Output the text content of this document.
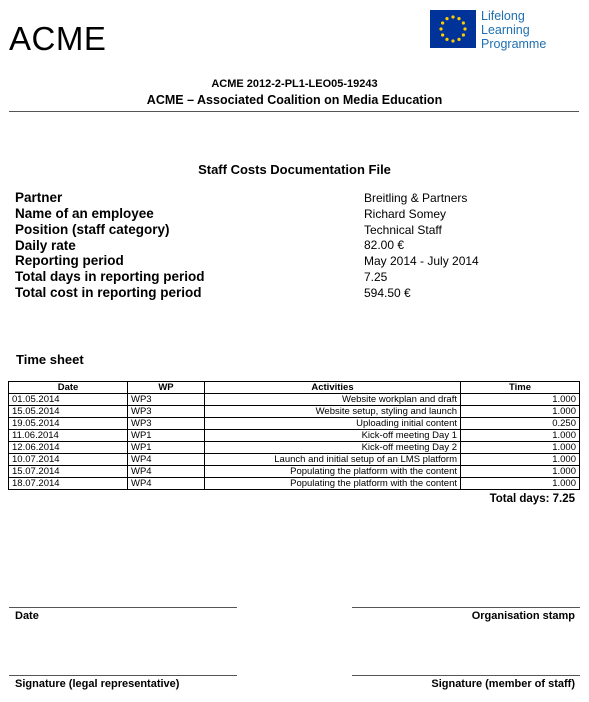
ACME
Lifelong
Learning
Programme
ACME 2012-2-PL1-LEO05-19243
ACME – Associated Coalition on Media Education
Staff Costs Documentation File
Partner	Breitling & Partners
Name of an employee	Richard Somey
Position (staff category)	Technical Staff
Daily rate	82.00 €
Reporting period	May 2014 - July 2014
Total days in reporting period	7.25
Total cost in reporting period	594.50 €
Time sheet
Date	WP	Activities	Time
01.05.2014	WP3	Website workplan and draft	1.000
15.05.2014	WP3	Website setup, styling and launch	1.000
19.05.2014	WP3	Uploading initial content	0.250
11.06.2014	WP1	Kick-off meeting Day 1	1.000
12.06.2014	WP1	Kick-off meeting Day 2	1.000
10.07.2014	WP4	Launch and initial setup of an LMS platform	1.000
15.07.2014	WP4	Populating the platform with the content	1.000
18.07.2014	WP4	Populating the platform with the content	1.000
Total days: 7.25
Date	Organisation stamp
Signature (legal representative)	Signature (member of staff)
